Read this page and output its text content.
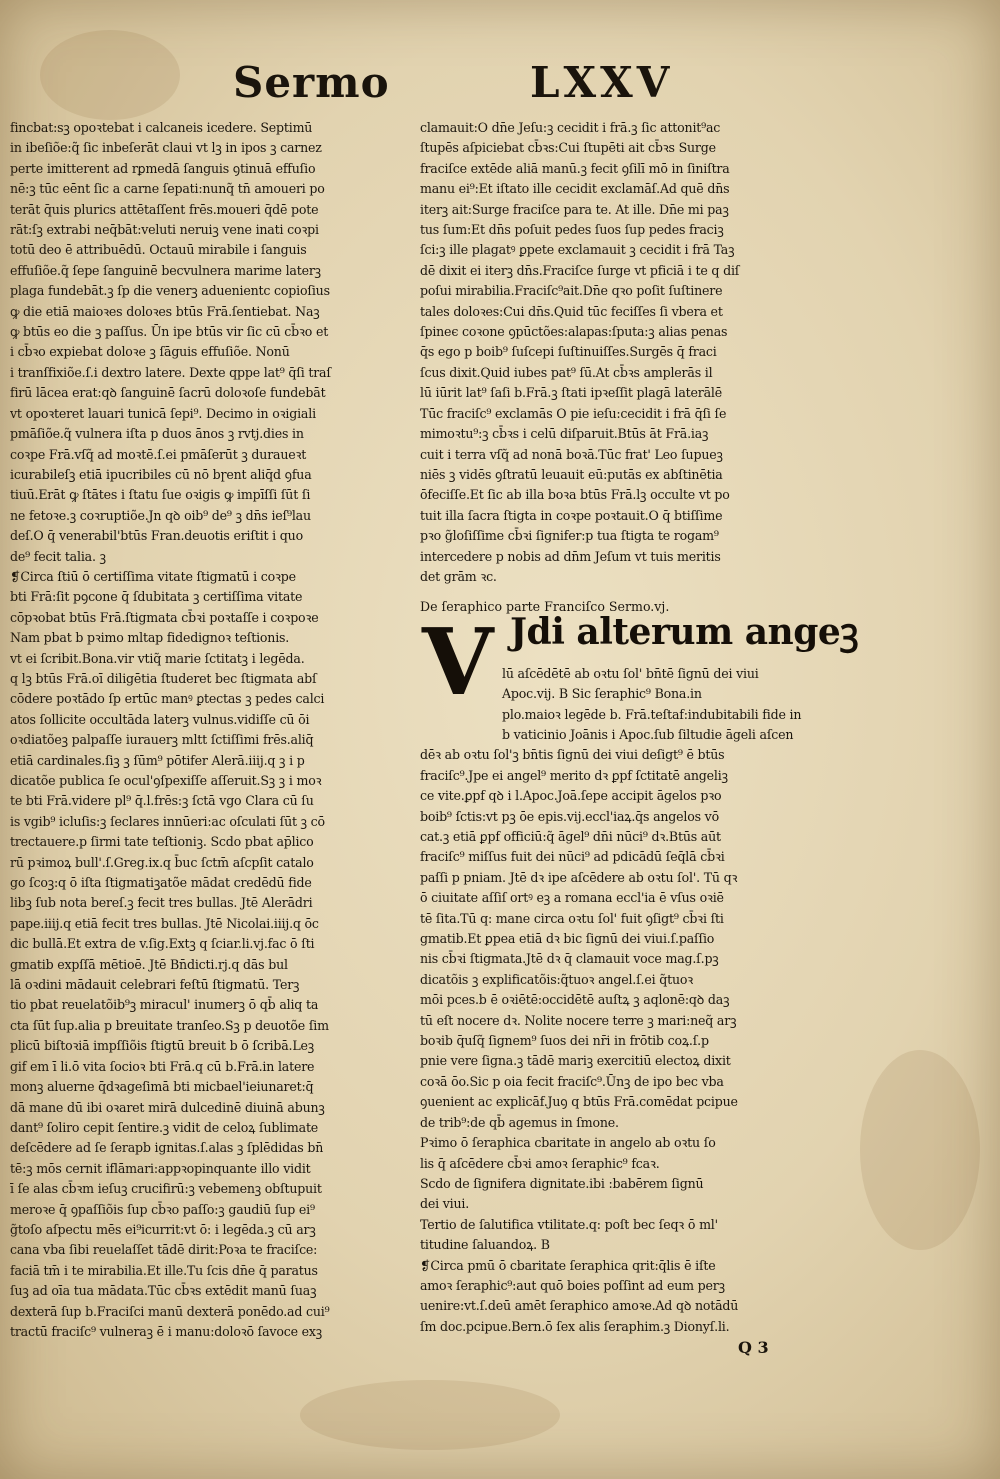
Sermo	LXXV
fincbat:sꝫ opoꝛtebat i calcaneis icedere. Septimū
in ibeſiõe:q̃ ſic inbeſerāt claui vt lꝫ in ipos ꝫ carnez
perte imitterent ad rꝑmedā ſanguis ꝯtinuā effuſio
nē:ꝫ tūc eēnt ſic a carne ſepati:nunq̃ tn̄ amoueri po
terāt q̄uis plurics attētaſſent frēs.moueri q̄dē pote
rāt:ſꝫ extrabi neq̄bāt:veluti neruiꝫ vene inati coꝛpi
totū deo ē attribuēdū. Octauū mirabile i ſanguis
effuſiõe.q̃ ſepe ſanguinē becvulnera marime laterꝫ
plaga fundebāt.ꝫ ſp die venerꝫ aduenientc copioſius
ꝙ die etiā maioꝛes doloꝛes btūs Frā.ſentiebat. Naꝫ
ꝙ btūs eo die ꝫ paſſus. Ūn ipe btūs vir ſic cū cb̄ꝛo et
i cb̄ꝛo expiebat doloꝛe ꝫ ſāguis effuſiõe. Nonū
i tranſfixiõe.ſ.i dextro latere. Dexte qppe lat⁹ q̄ſi traſ
firū lācea erat:qꝺ ſanguinē ſacrū doloꝛoſe fundebāt
vt opoꝛteret lauari tunicā ſepi⁹. Decimo in oꝛigiali
pmāſiõe.q̃ vulnera iſta p duos ānos ꝫ rvtj.dies in
coꝛpe Frā.vſq̃ ad moꝛtē.ſ.ei pmāſerūt ꝫ duraueꝛt
icurabileſꝫ etiā ipucribiles cū nō bɼent aliq̄d ꝯfua
tiuū.Erāt ꝙ ſtātes i ſtatu ſue oꝛigis ꝙ impīſſi ſūt ſi
ne fetoꝛe.ꝫ coꝛruptiõe.Jn qꝺ oib⁹ de⁹ ꝫ dn̄s ieſ⁹lau
deſ.O q̄ venerabil'btūs Fran.deuotis eriſtit i quo
de⁹ fecit talia. ꝫ
❡Circa ſtiū ō certiſſima vitate ſtigmatū i coꝛpe
bti Frā:ſit pꝯcone q̄ ſdubitata ꝫ certiſſima vitate
cōpꝛobat btūs Frā.ſtigmata cb̄ꝛi poꝛtaſſe i coꝛpoꝛe
Nam pbat b pꝛimo mltap fidedignoꝛ teſtionis.
vt ei ſcribit.Bona.vir vtiq̃ marie ſctitatꝫ i legēda.
q lꝫ btūs Frā.oī diligētia ſtuderet bec ſtigmata abſ
cōdere poꝛtādo ſp ertūc manꝰ ꝑtectas ꝫ pedes calci
atos ſollicite occultāda laterꝫ vulnus.vidiſſe cū ōi
oꝛdiatõeꝫ palpaſſe iurauerꝫ mltt ſctiſſimi frēs.aliq̄
etiā cardinales.ſiꝫ ꝫ ſūm⁹ pōtifer Alerā.iiij.q ꝫ i p
dicatõe publica ſe ocul'ꝯſpexiſſe aſſeruit.Sꝫ ꝫ i moꝛ
te bti Frā.videre pl⁹ q̄.l.frēs:ꝫ ſctā vgo Clara cū ſu
is vgib⁹ icluſis:ꝫ ſeclares innūeri:ac oſculati ſūt ꝫ cō
trectauere.p ſirmi tate teſtioniꝫ. Scdo pbat ap̄lico
rū pꝛimoꝝ bull'.ſ.Greg.ix.q b̄uc ſctm̄ aſcpſit catalo
go ſcoꝫ:q ō iſta ſtigmatiꝫatõe mādat credēdū fide
libꝫ ſub nota bereſ.ꝫ fecit tres bullas. Jtē Alerādri
pape.iiij.q etiā fecit tres bullas. Jtē Nicolai.iiij.q ōc
dic bullā.Et extra de v.ſig.Extꝫ q ſciar.li.vj.fac ō ſti
gmatib expſſā mētioē. Jtē Bn̄dicti.rj.q dās bul
lā oꝛdini mādauit celebrari feſtū ſtigmatū. Terꝫ
tio pbat reuelatõib⁹ꝫ miracul' inumerꝫ ō qb̄ aliq ta
cta ſūt ſup.alia p breuitate tranſeo.Sꝫ p deuotõe ſim
plicū biſtoꝛiā impſſiõis ſtigtū breuit b ō ſcribā.Leꝫ
gif em ī li.ō vita ſocioꝛ bti Frā.q cū b.Frā.in latere
monꝫ aluerne q̄dꝛageſimā bti micbael'ieiunaret:q̄
dā mane dū ibi oꝛaret mirā dulcedinē diuinā abunꝫ
dant⁹ ſoliro cepit ſentire.ꝫ vidit de celoꝝ ſublimate
deſcēdere ad ſe ſerapb ignitas.ſ.alas ꝫ ſplēdidas bn̄
tē:ꝫ mōs cernit iflāmari:appꝛopinquante illo vidit
ī ſe alas cb̄ꝛm ieſuꝫ crucifirū:ꝫ vebemenꝫ obſtupuit
meroꝛe q̄ ꝯpaſſiõis ſup cb̄ꝛo paſſo:ꝫ gaudiū ſup ei⁹
g̃toſo aſpectu mēs ei⁹icurrit:vt ō: i legēda.ꝫ cū arꝫ
cana vba ſibi reuelaſſet tādē dirit:Poꝛa te fraciſce:
faciā tm̄ i te mirabilia.Et ille.Tu ſcis dn̄e q̄ paratus
ſuꝫ ad oīa tua mādata.Tūc cb̄ꝛs extēdit manū ſuaꝫ
dexterā ſup b.Fraciſci manū dexterā ponēdo.ad cui⁹
tractū fraciſc⁹ vulneraꝫ ē i manu:doloꝛō ſavoce exꝫ
clamauit:O dn̄e Jeſu:ꝫ cecidit i frā.ꝫ ſic attonit⁹ac
ſtupēs aſpiciebat cb̄ꝛs:Cui ſtupēti ait cb̄ꝛs Surge
fraciſce extēde aliā manū.ꝫ fecit ꝯſilī mō in ſiniſtra
manu ei⁹:Et iſtato ille cecidit exclamāſ.Ad quē dn̄s
iterꝫ ait:Surge fraciſce para te. At ille. Dn̄e mi paꝫ
tus ſum:Et dn̄s poſuit pedes ſuos ſup pedes fraciꝫ
ſci:ꝫ ille plagatꝰ ꝑpete exclamauit ꝫ cecidit i frā Taꝫ
dē dixit ei iterꝫ dn̄s.Fraciſce ſurge vt pficiā i te q diſ
poſui mirabilia.Fraciſc⁹ait.Dn̄e qꝛo poſit ſuſtinere
tales doloꝛes:Cui dn̄s.Quid tūc feciſſes ſi vbera et
ſpineє coꝛone ꝯpūctões:alapas:ſputa:ꝫ alias penas
q̄s ego p boib⁹ ſuſcepi ſuſtinuiſſes.Surgēs q̄ fraci
ſcus dixit.Quid iubes pat⁹ ſū.At cb̄ꝛs amplerās il
lū iūrit lat⁹ ſaſi b.Frā.ꝫ ſtati ipꝛeſſit plagā laterālē
Tūc fraciſc⁹ exclamās O pie ieſu:cecidit i frā q̄ſi ſe
mimoꝛtu⁹:ꝫ cb̄ꝛs i celū diſparuit.Btūs āt Frā.iaꝫ
cuit i terra vſq̃ ad nonā boꝛā.Tūc frat' Leo ſupueꝫ
niēs ꝫ vidēs ꝯſtratū leuauit eū:putās ex abſtinētia
ōfeciſſe.Et ſic ab illa boꝛa btūs Frā.lꝫ occulte vt po
tuit illa ſacra ſtigta in coꝛpe poꝛtauit.O q̄ btiſſime
pꝛo g̃loſiſſime cb̄ꝛi ſignifer:p tua ſtigta te rogam⁹
intercedere p nobis ad dn̄m Jeſum vt tuis meritis
det grām ꝛc.
De ſeraphico parte Franciſco Sermo.vj.
V Jdi alterum angeꝫ
lū aſcēdētē ab oꝛtu ſol' bn̄tē ſignū dei viui
Apoc.vij. B Sic ſeraphic⁹ Bona.in
plo.maioꝛ legēde b. Frā.teſtaf:indubitabili fide in
b vaticinio Joānis i Apoc.ſub ſiltudie āgeli aſcen
dēꝛ ab oꝛtu ſol'ꝫ bn̄tis ſignū dei viui deſigt⁹ ē btūs
fraciſc⁹.Jpe ei angel⁹ merito dꝛ ꝑpf ſctitatē angeliꝫ
ce vite.ꝑpf qꝺ i l.Apoc.Joā.ſepe accipit āgelos pꝛo
boib⁹ ſctis:vt pꝫ ōe epis.vij.eccl'iaꝝ.q̄s angelos vō
cat.ꝫ etiā ꝑpf officiū:q̃ āgel⁹ dn̄i nūci⁹ dꝛ.Btūs aūt
fraciſc⁹ miſſus fuit dei nūci⁹ ad pdicādū ſeq̄lā cb̄ꝛi
paſſi p pniam. Jtē dꝛ ipe aſcēdere ab oꝛtu ſol'. Tū qꝛ
ō ciuitate aſſiſ ortꝰ eꝫ a romana eccl'ia ē vſus oꝛiē
tē ſita.Tū q: mane circa oꝛtu ſol' fuit ꝯſigt⁹ cb̄ꝛi ſti
gmatib.Et ꝑpea etiā dꝛ bic ſignū dei viui.ſ.paſſio
nis cb̄ꝛi ſtigmata.Jtē dꝛ q̄ clamauit voce mag.ſ.pꝫ
dicatõis ꝫ explificatõis:q̃tuoꝛ angel.ſ.ei q̃tuoꝛ
mōi pces.b ē oꝛiētē:occidētē auſtꝝ ꝫ aqlonē:qꝺ daꝫ
tū eſt nocere dꝛ. Nolite nocere terre ꝫ mari:neq̃ arꝫ
boꝛib q̄uſq̃ ſignem⁹ ſuos dei nr̄i in frōtib coꝝ.ſ.p
pnie vere ſigna.ꝫ tādē mariꝫ exercitiū electoꝝ dixit
coꝛā ōo.Sic p oia fecit fraciſc⁹.Ūnꝫ de ipo bec vba
ꝯuenient ac explicāf.Juꝯ q btūs Frā.comēdat pcipue
de trib⁹:de qb̄ agemus in ſmone.
Pꝛimo ō ſeraphica cbaritate in angelo ab oꝛtu ſo
lis q̄ aſcēdere cb̄ꝛi amoꝛ ſeraphic⁹ fcaꝛ.
Scdo de ſignifera dignitate.ibi :babērem ſignū
dei viui.
Tertio de ſalutifica vtilitate.q: poſt bec ſeqꝛ ō ml'
titudine ſaluandoꝝ. B
❡Circa pmū ō cbaritate ſeraphica qrit:q̄lis ē iſte
amoꝛ ſeraphic⁹:aut quō boies poſſint ad eum perꝫ
uenire:vt.ſ.deū amēt ſeraphico amoꝛe.Ad qꝺ notādū
ſm doc.pcipue.Bern.ō ſex alis ſeraphim.ꝫ Dionyſ.li.
Q 3
